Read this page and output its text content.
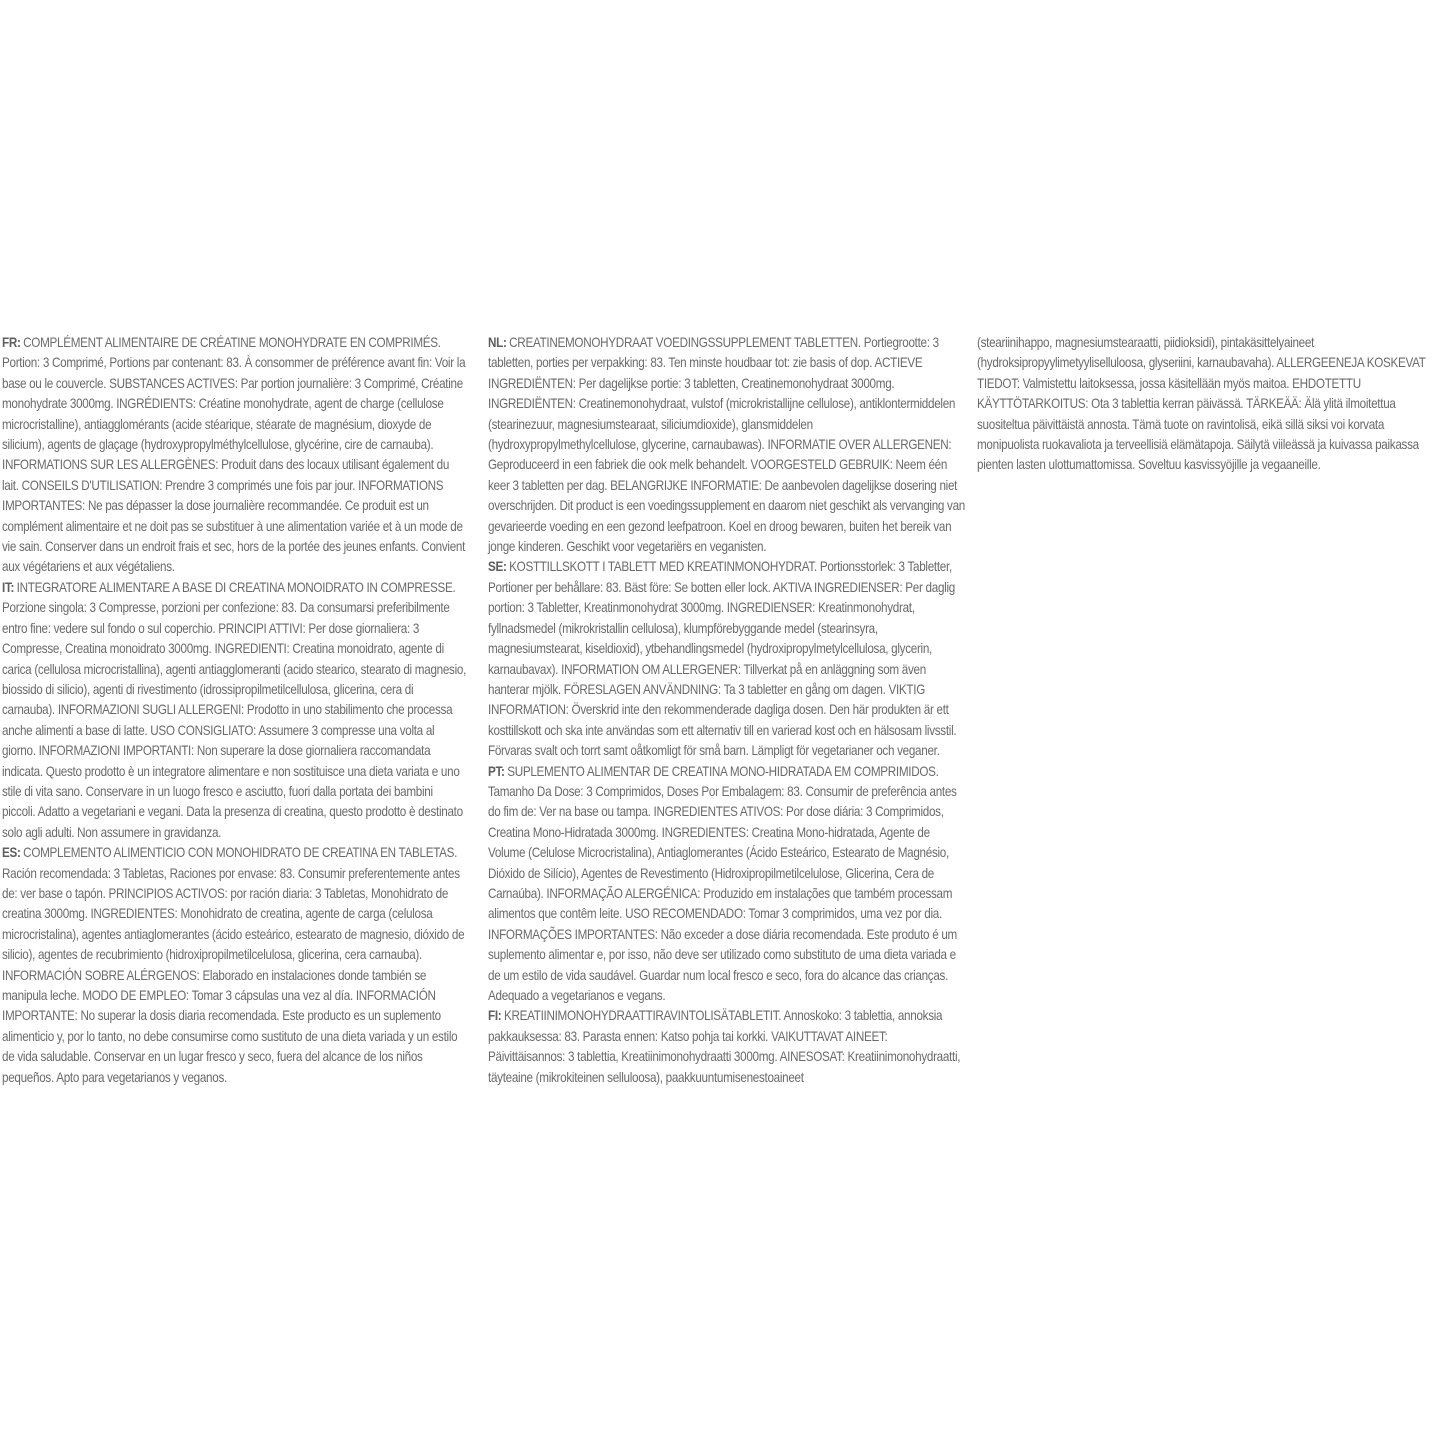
FR: COMPLÉMENT ALIMENTAIRE DE CRÉATINE MONOHYDRATE EN COMPRIMÉS. Portion: 3 Comprimé, Portions par contenant: 83. À consommer de préférence avant fin: Voir la base ou le couvercle. SUBSTANCES ACTIVES: Par portion journalière: 3 Comprimé, Créatine monohydrate 3000mg. INGRÉDIENTS: Créatine monohydrate, agent de charge (cellulose microcristalline), antiagglomérants (acide stéarique, stéarate de magnésium, dioxyde de silicium), agents de glaçage (hydroxypropylméthylcellulose, glycérine, cire de carnauba). INFORMATIONS SUR LES ALLERGÈNES: Produit dans des locaux utilisant également du lait. CONSEILS D'UTILISATION: Prendre 3 comprimés une fois par jour. INFORMATIONS IMPORTANTES: Ne pas dépasser la dose journalière recommandée. Ce produit est un complément alimentaire et ne doit pas se substituer à une alimentation variée et à un mode de vie sain. Conserver dans un endroit frais et sec, hors de la portée des jeunes enfants. Convient aux végétariens et aux végétaliens.

IT: INTEGRATORE ALIMENTARE A BASE DI CREATINA MONOIDRATO IN COMPRESSE. Porzione singola: 3 Compresse, porzioni per confezione: 83. Da consumarsi preferibilmente entro fine: vedere sul fondo o sul coperchio. PRINCIPI ATTIVI: Per dose giornaliera: 3 Compresse, Creatina monoidrato 3000mg. INGREDIENTI: Creatina monoidrato, agente di carica (cellulosa microcristallina), agenti antiagglomeranti (acido stearico, stearato di magnesio, biossido di silicio), agenti di rivestimento (idrossipropilmetilcellulosa, glicerina, cera di carnauba). INFORMAZIONI SUGLI ALLERGENI: Prodotto in uno stabilimento che processa anche alimenti a base di latte. USO CONSIGLIATO: Assumere 3 compresse una volta al giorno. INFORMAZIONI IMPORTANTI: Non superare la dose giornaliera raccomandata indicata. Questo prodotto è un integratore alimentare e non sostituisce una dieta variata e uno stile di vita sano. Conservare in un luogo fresco e asciutto, fuori dalla portata dei bambini piccoli. Adatto a vegetariani e vegani. Data la presenza di creatina, questo prodotto è destinato solo agli adulti. Non assumere in gravidanza.

ES: COMPLEMENTO ALIMENTICIO CON MONOHIDRATO DE CREATINA EN TABLETAS. Ración recomendada: 3 Tabletas, Raciones por envase: 83. Consumir preferentemente antes de: ver base o tapón. PRINCIPIOS ACTIVOS: por ración diaria: 3 Tabletas, Monohidrato de creatina 3000mg. INGREDIENTES: Monohidrato de creatina, agente de carga (celulosa microcristalina), agentes antiaglomerantes (ácido esteárico, estearato de magnesio, dióxido de silicio), agentes de recubrimiento (hidroxipropilmetilcelulosa, glicerina, cera carnauba). INFORMACIÓN SOBRE ALÉRGENOS: Elaborado en instalaciones donde también se manipula leche. MODO DE EMPLEO: Tomar 3 cápsulas una vez al día. INFORMACIÓN IMPORTANTE: No superar la dosis diaria recomendada. Este producto es un suplemento alimenticio y, por lo tanto, no debe consumirse como sustituto de una dieta variada y un estilo de vida saludable. Conservar en un lugar fresco y seco, fuera del alcance de los niños pequeños. Apto para vegetarianos y veganos.

NL: CREATINEMONOHYDRAAT VOEDINGSSUPPLEMENT TABLETTEN. Portiegrootte: 3 tabletten, porties per verpakking: 83. Ten minste houdbaar tot: zie basis of dop. ACTIEVE INGREDIËNTEN: Per dagelijkse portie: 3 tabletten, Creatinemonohydraat 3000mg. INGREDIËNTEN: Creatinemonohydraat, vulstof (microkristallijne cellulose), antiklontermiddelen (stearinezuur, magnesiumstearaat, siliciumdioxide), glansmiddelen (hydroxypropylmethylcellulose, glycerine, carnaubawas). INFORMATIE OVER ALLERGENEN: Geproduceerd in een fabriek die ook melk behandelt. VOORGESTELD GEBRUIK: Neem één keer 3 tabletten per dag. BELANGRIJKE INFORMATIE: De aanbevolen dagelijkse dosering niet overschrijden. Dit product is een voedingssupplement en daarom niet geschikt als vervanging van gevarieerde voeding en een gezond leefpatroon. Koel en droog bewaren, buiten het bereik van jonge kinderen. Geschikt voor vegetariërs en veganisten.

SE: KOSTTILLSKOTT I TABLETT MED KREATINMONOHYDRAT. Portionsstorlek: 3 Tabletter, Portioner per behållare: 83. Bäst före: Se botten eller lock. AKTIVA INGREDIENSER: Per daglig portion: 3 Tabletter, Kreatinmonohydrat 3000mg. INGREDIENSER: Kreatinmonohydrat, fyllnadsmedel (mikrokristallin cellulosa), klumpförebyggande medel (stearinsyra, magnesiumstearat, kiseldioxid), ytbehandlingsmedel (hydroxipropylmetylcellulosa, glycerin, karnaubavax). INFORMATION OM ALLERGENER: Tillverkat på en anläggning som även hanterar mjölk. FÖRESLAGEN ANVÄNDNING: Ta 3 tabletter en gång om dagen. VIKTIG INFORMATION: Överskrid inte den rekommenderade dagliga dosen. Den här produkten är ett kosttillskott och ska inte användas som ett alternativ till en varierad kost och en hälsosam livsstil. Förvaras svalt och torrt samt oåtkomligt för små barn. Lämpligt för vegetarianer och veganer.

PT: SUPLEMENTO ALIMENTAR DE CREATINA MONO-HIDRATADA EM COMPRIMIDOS. Tamanho Da Dose: 3 Comprimidos, Doses Por Embalagem: 83. Consumir de preferência antes do fim de: Ver na base ou tampa. INGREDIENTES ATIVOS: Por dose diária: 3 Comprimidos, Creatina Mono-Hidratada 3000mg. INGREDIENTES: Creatina Mono-hidratada, Agente de Volume (Celulose Microcristalina), Antiaglomerantes (Ácido Esteárico, Estearato de Magnésio, Dióxido de Silício), Agentes de Revestimento (Hidroxipropilmetilcelulose, Glicerina, Cera de Carnaúba). INFORMAÇÃO ALERGÉNICA: Produzido em instalações que também processam alimentos que contêm leite. USO RECOMENDADO: Tomar 3 comprimidos, uma vez por dia. INFORMAÇÕES IMPORTANTES: Não exceder a dose diária recomendada. Este produto é um suplemento alimentar e, por isso, não deve ser utilizado como substituto de uma dieta variada e de um estilo de vida saudável. Guardar num local fresco e seco, fora do alcance das crianças. Adequado a vegetarianos e vegans.

FI: KREATIINIMONOHYDRAATTIRAVINTOLISÄTABLETIT. Annoskoko: 3 tablettia, annoksia pakkauksessa: 83. Parasta ennen: Katso pohja tai korkki. VAIKUTTAVAT AINEET: Päivittäisannos: 3 tablettia, Kreatiinimonohydraatti 3000mg. AINESOSAT: Kreatiinimonohydraatti, täyteaine (mikrokiteinen selluloosa), paakkuuntumisenestoaineet

(steariinihappo, magnesiumstearaatti, piidioksidi), pintakäsittelyaineet (hydroksipropyylimetyyliselluloosa, glyseriini, karnaubavaha). ALLERGEENEJA KOSKEVAT TIEDOT: Valmistettu laitoksessa, jossa käsitellään myös maitoa. EHDOTETTU KÄYTTÖTARKOITUS: Ota 3 tablettia kerran päivässä. TÄRKEÄÄ: Älä ylitä ilmoitettua suositeltua päivittäistä annosta. Tämä tuote on ravintolisä, eikä sillä siksi voi korvata monipuolista ruokavaliota ja terveellisiä elämätapoja. Säilytä viileässä ja kuivassa paikassa pienten lasten ulottumattomissa. Soveltuu kasvissyöjille ja vegaaneille.
